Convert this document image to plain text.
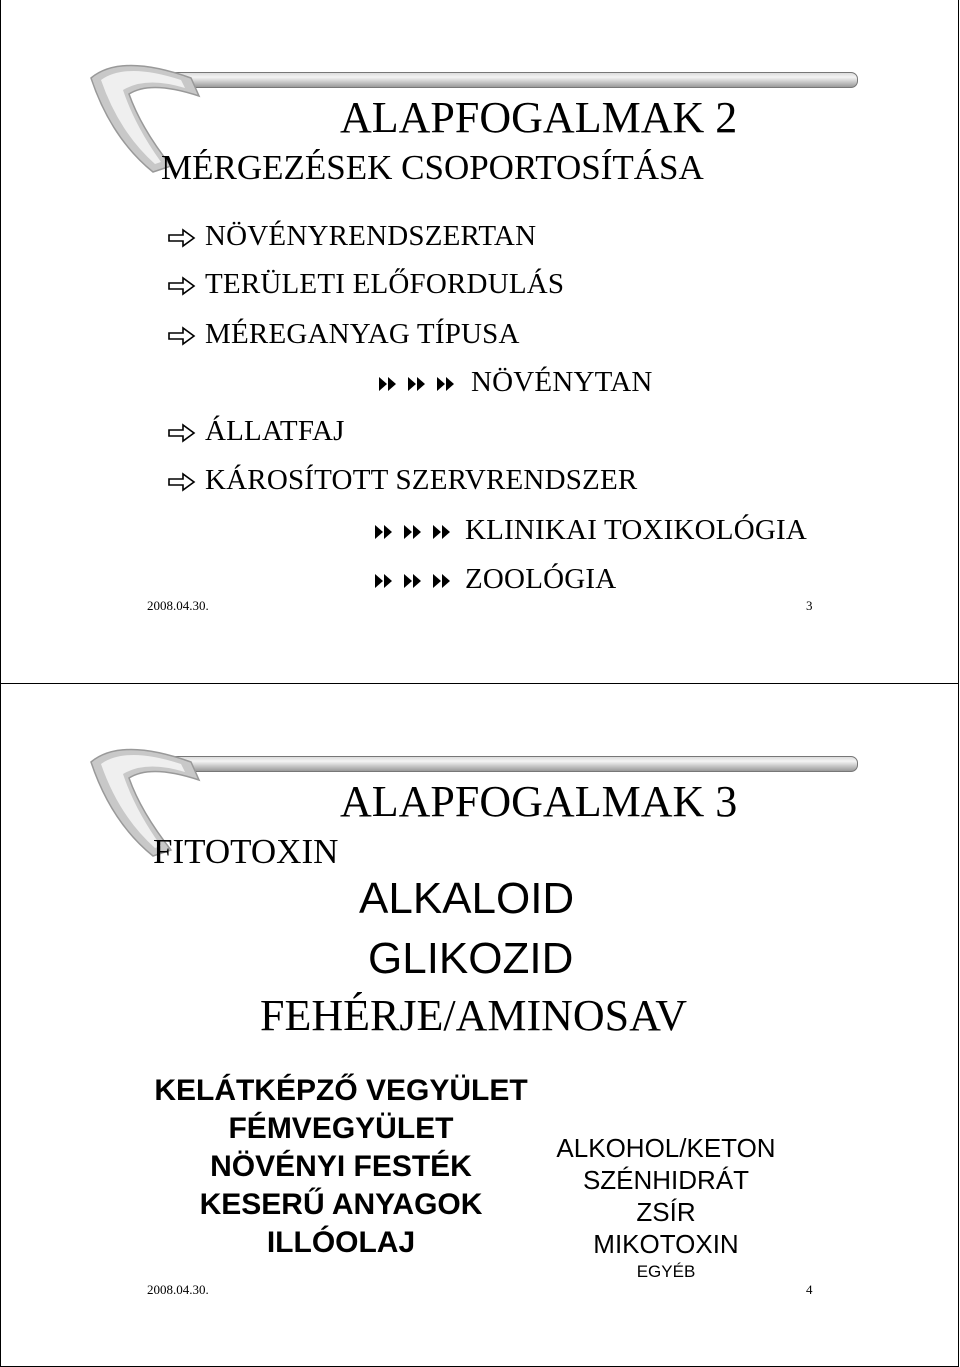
ALAPFOGALMAK 2
MÉRGEZÉSEK CSOPORTOSÍTÁSA
NÖVÉNYRENDSZERTAN
TERÜLETI ELŐFORDULÁS
MÉREGANYAG TÍPUSA
NÖVÉNYTAN
ÁLLATFAJ
KÁROSÍTOTT SZERVRENDSZER
KLINIKAI TOXIKOLÓGIA
ZOOLÓGIA
2008.04.30.	3
ALAPFOGALMAK 3
FITOTOXIN
ALKALOID
GLIKOZID
FEHÉRJE/AMINOSAV
KELÁTKÉPZŐ VEGYÜLET
FÉMVEGYÜLET
NÖVÉNYI FESTÉK
KESERŰ ANYAGOK
ILLÓOLAJ
ALKOHOL/KETON
SZÉNHIDRÁT
ZSÍR
MIKOTOXIN
EGYÉB
2008.04.30.	4
